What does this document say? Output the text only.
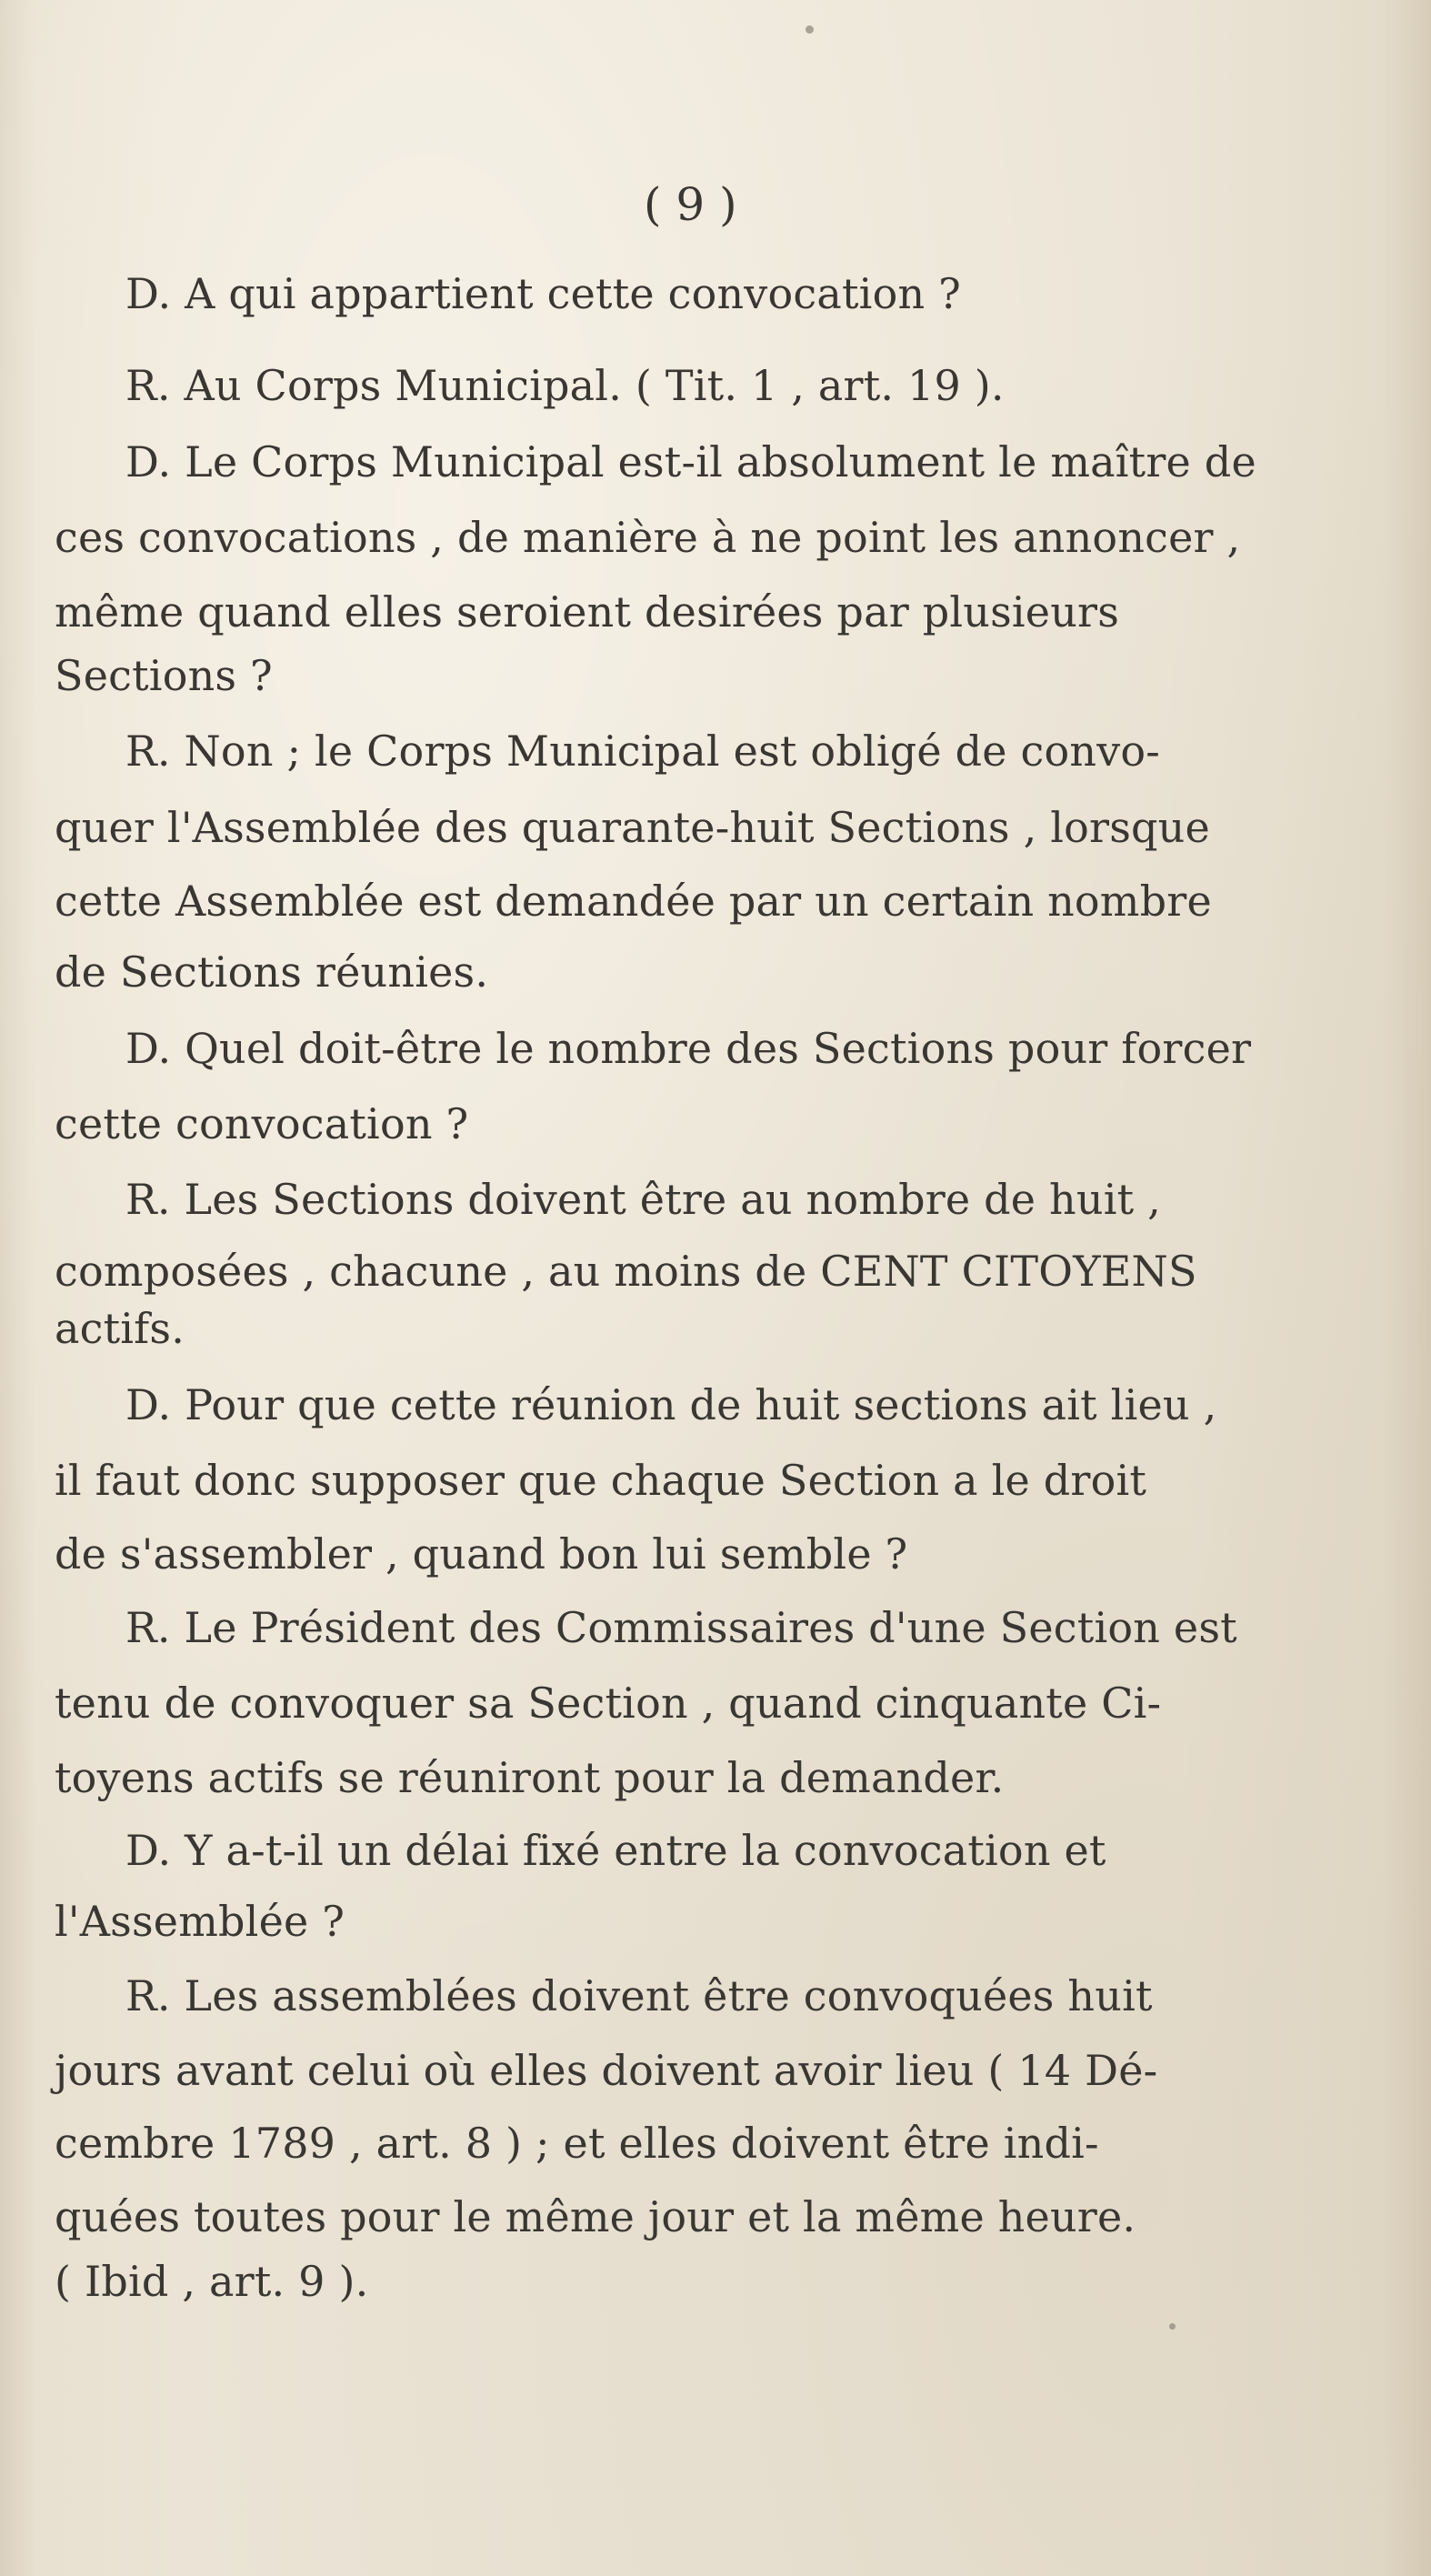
( 9 )
D. A qui appartient cette convocation ?
R. Au Corps Municipal. ( Tit. 1 , art. 19 ).
D. Le Corps Municipal est-il absolument le maître de
ces convocations , de manière à ne point les annoncer ,
même quand elles seroient desirées par plusieurs
Sections ?
R. Non ; le Corps Municipal est obligé de convo-
quer l'Assemblée des quarante-huit Sections , lorsque
cette Assemblée est demandée par un certain nombre
de Sections réunies.
D. Quel doit-être le nombre des Sections pour forcer
cette convocation ?
R. Les Sections doivent être au nombre de huit ,
composées , chacune , au moins de CENT CITOYENS
actifs.
D. Pour que cette réunion de huit sections ait lieu ,
il faut donc supposer que chaque Section a le droit
de s'assembler , quand bon lui semble ?
R. Le Président des Commissaires d'une Section est
tenu de convoquer sa Section , quand cinquante Ci-
toyens actifs se réuniront pour la demander.
D. Y a-t-il un délai fixé entre la convocation et
l'Assemblée ?
R. Les assemblées doivent être convoquées huit
jours avant celui où elles doivent avoir lieu ( 14 Dé-
cembre 1789 , art. 8 ) ; et elles doivent être indi-
quées toutes pour le même jour et la même heure.
( Ibid , art. 9 ).
